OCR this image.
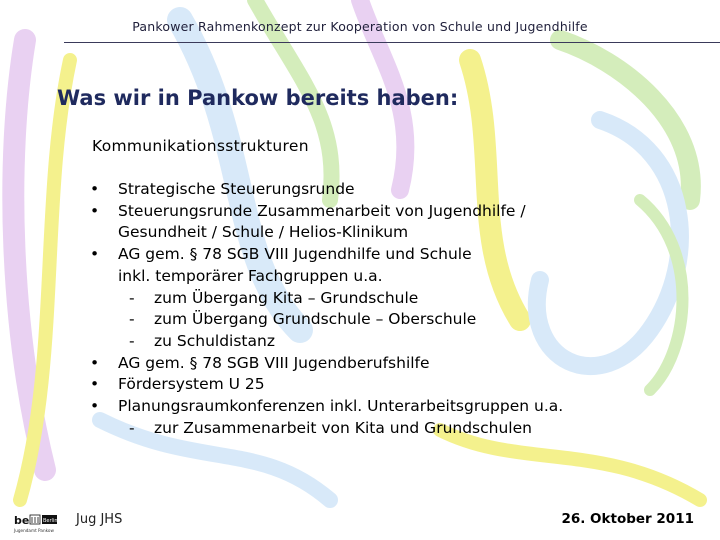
Pankower Rahmenkonzept zur Kooperation von Schule und Jugendhilfe
Was wir in Pankow bereits haben:
Kommunikationsstrukturen
• Strategische Steuerungsrunde
• Steuerungsrunde Zusammenarbeit von Jugendhilfe /
Gesundheit / Schule / Helios-Klinikum
• AG gem. § 78 SGB VIII Jugendhilfe und Schule
inkl. temporärer Fachgruppen u.a.
- zum Übergang Kita – Grundschule
- zum Übergang Grundschule – Oberschule
- zu Schuldistanz
• AG gem. § 78 SGB VIII Jugendberufshilfe
• Fördersystem U 25
• Planungsraumkonferenzen inkl. Unterarbeitsgruppen u.a.
- zur Zusammenarbeit von Kita und Grundschulen
be	Berlin
Jugendamt Pankow
Jug JHS	26. Oktober 2011
